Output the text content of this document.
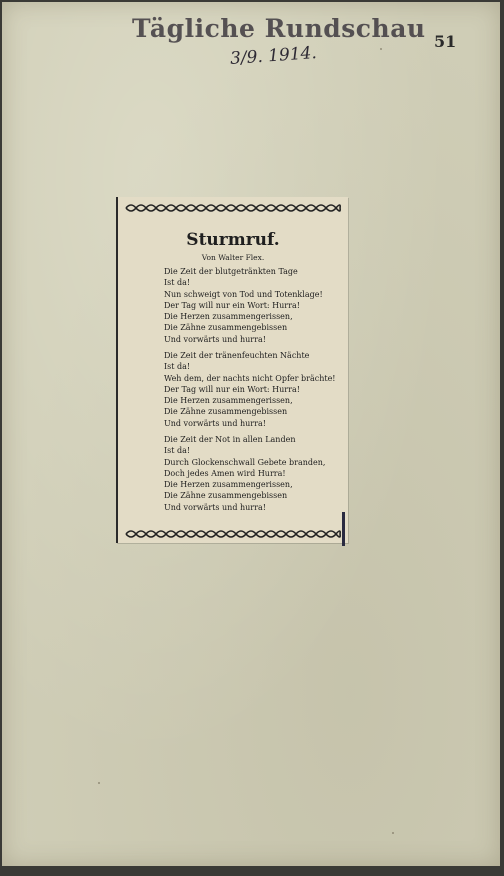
Tägliche Rundschau
3/9. 1914.
51
Sturmruf.
Von Walter Flex.
Die Zeit der blutgetränkten Tage
Ist da!
Nun schweigt von Tod und Totenklage!
Der Tag will nur ein Wort: Hurra!
Die Herzen zusammengerissen,
Die Zähne zusammengebissen
Und vorwärts und hurra!
Die Zeit der tränenfeuchten Nächte
Ist da!
Weh dem, der nachts nicht Opfer brächte!
Der Tag will nur ein Wort: Hurra!
Die Herzen zusammengerissen,
Die Zähne zusammengebissen
Und vorwärts und hurra!
Die Zeit der Not in allen Landen
Ist da!
Durch Glockenschwall Gebete branden,
Doch jedes Amen wird Hurra!
Die Herzen zusammengerissen,
Die Zähne zusammengebissen
Und vorwärts und hurra!
